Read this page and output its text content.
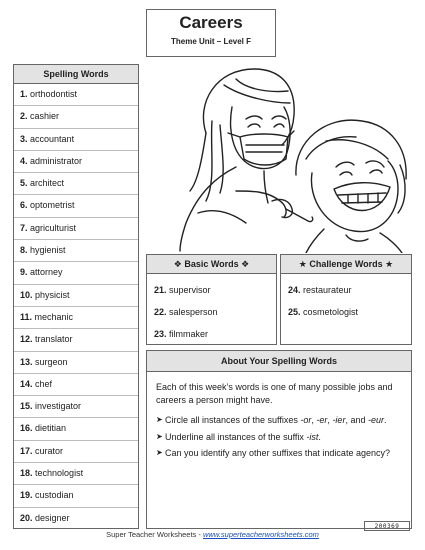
Careers
Theme Unit – Level F
Spelling Words
1. orthodontist
2. cashier
3. accountant
4. administrator
5. architect
6. optometrist
7. agriculturist
8. hygienist
9. attorney
10. physicist
11. mechanic
12. translator
13. surgeon
14. chef
15. investigator
16. dietitian
17. curator
18. technologist
19. custodian
20. designer
❖ Basic Words ❖
21. supervisor
22. salesperson
23. filmmaker
★ Challenge Words ★
24. restaurateur
25. cosmetologist
About Your Spelling Words
Each of this week’s words is one of many possible jobs and careers a person might have.
➤ Circle all instances of the suffixes -or, -er, -ier, and -eur.
➤ Underline all instances of the suffix -ist.
➤ Can you identify any other suffixes that indicate agency?
200369
Super Teacher Worksheets - www.superteacherworksheets.com
